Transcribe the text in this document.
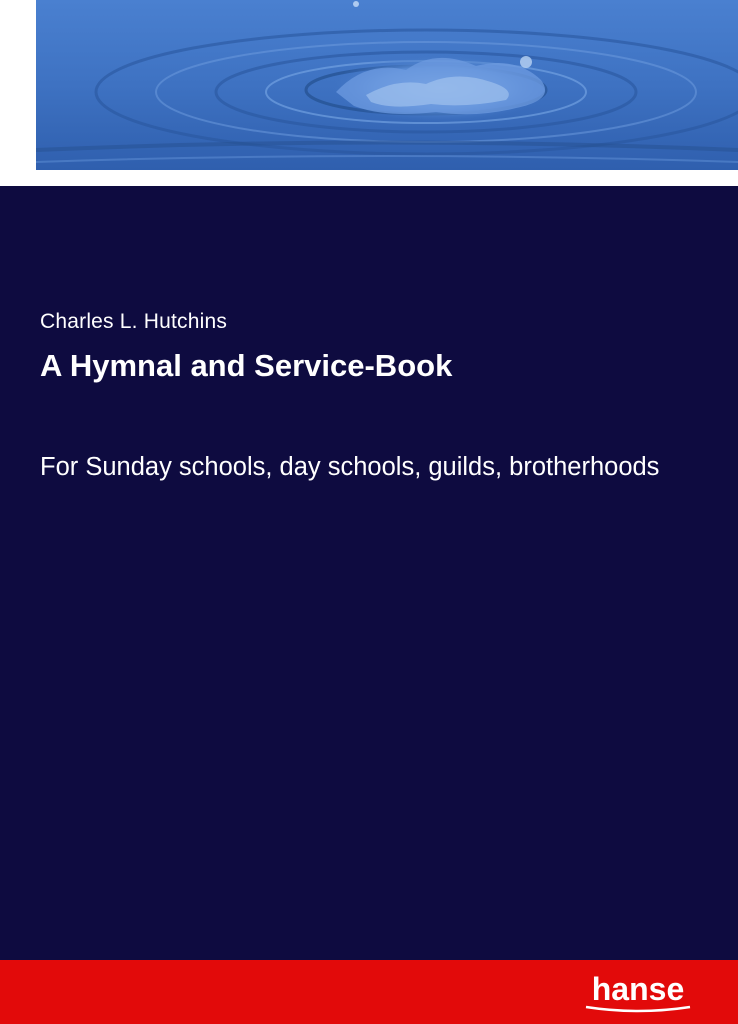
Charles L. Hutchins
A Hymnal and Service-Book
For Sunday schools, day schools, guilds, brotherhoods
hanse
